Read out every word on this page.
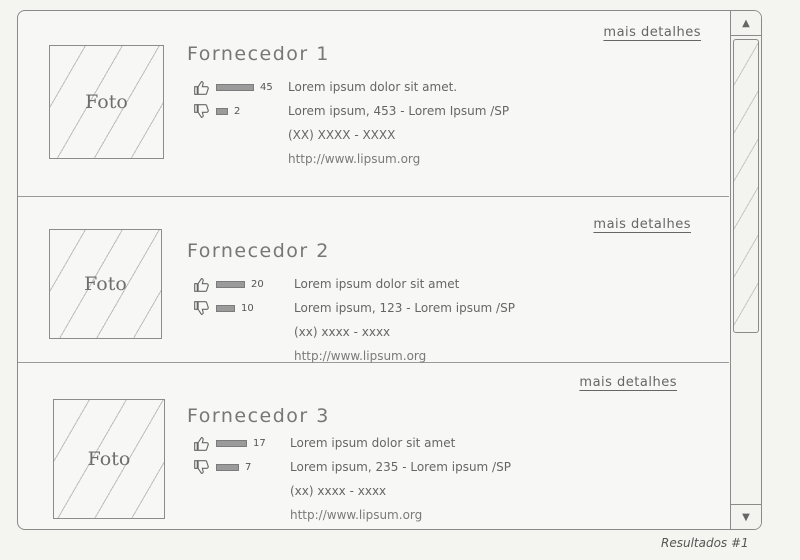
Foto
Fornecedor 1
mais detalhes
45
2
Lorem ipsum dolor sit amet.
Lorem ipsum, 453 - Lorem Ipsum /SP
(XX) XXXX - XXXX
http://www.lipsum.org
Foto
Fornecedor 2
mais detalhes
20
10
Lorem ipsum dolor sit amet
Lorem ipsum, 123 - Lorem ipsum /SP
(xx) xxxx - xxxx
http://www.lipsum.org
Foto
Fornecedor 3
mais detalhes
17
7
Lorem ipsum dolor sit amet
Lorem ipsum, 235 - Lorem ipsum /SP
(xx) xxxx - xxxx
http://www.lipsum.org
▲
▼
Resultados #1
